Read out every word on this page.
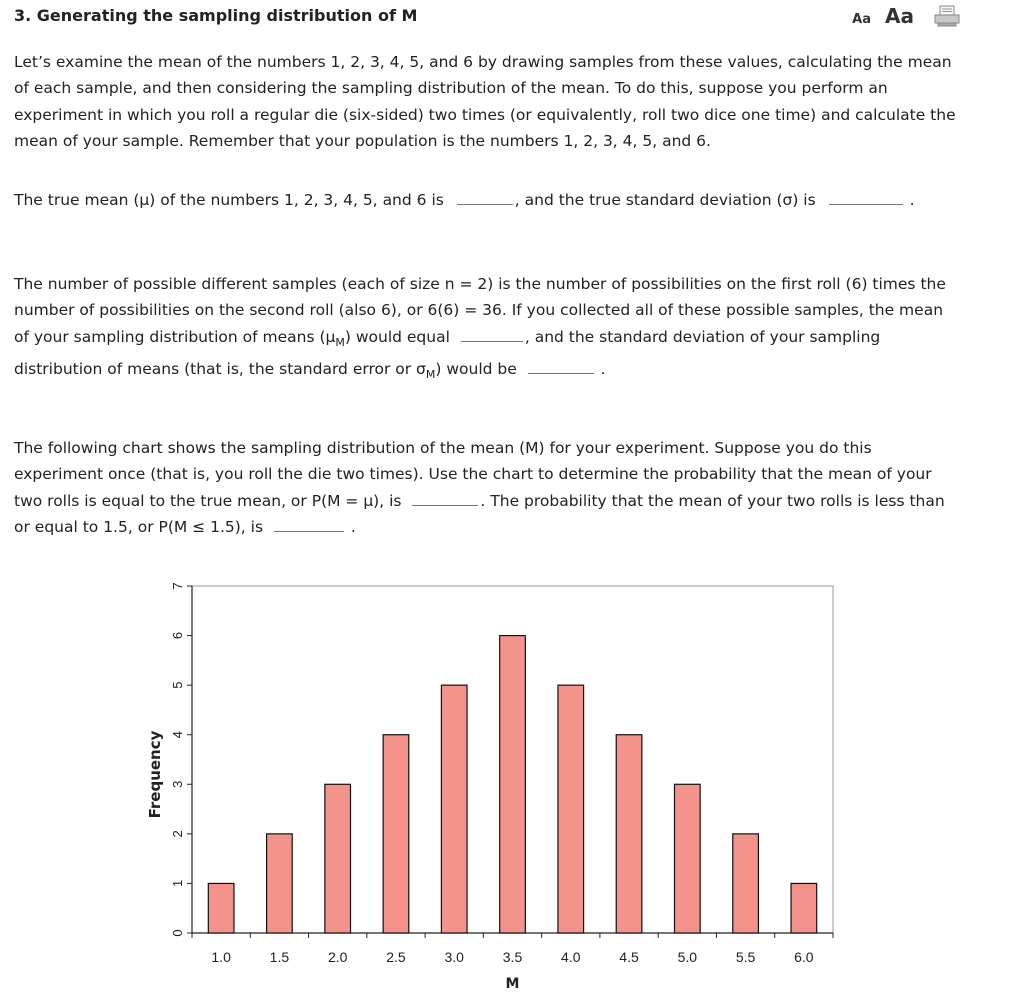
3. Generating the sampling distribution of M	Aa Aa
Let’s examine the mean of the numbers 1, 2, 3, 4, 5, and 6 by drawing samples from these values, calculating the mean of each sample, and then considering the sampling distribution of the mean. To do this, suppose you perform an experiment in which you roll a regular die (six-sided) two times (or equivalently, roll two dice one time) and calculate the mean of your sample. Remember that your population is the numbers 1, 2, 3, 4, 5, and 6.
The true mean (μ) of the numbers 1, 2, 3, 4, 5, and 6 is	, and the true standard deviation (σ) is	.
The number of possible different samples (each of size n = 2) is the number of possibilities on the first roll (6) times the number of possibilities on the second roll (also 6), or 6(6) = 36. If you collected all of these possible samples, the mean of your sampling distribution of means $(\mu_M)$ would equal	, and the standard deviation of your sampling distribution of means (that is, the standard error or $\sigma_M$) would be	.
The following chart shows the sampling distribution of the mean (M) for your experiment. Suppose you do this experiment once (that is, you roll the die two times). Use the chart to determine the probability that the mean of your two rolls is equal to the true mean, or P(M = μ), is	. The probability that the mean of your two rolls is less than or equal to 1.5, or P(M ≤ 1.5), is	.
0
1
2
3
4
5
6
7
1.0	1.5	2.0	2.5	3.0	3.5	4.0	4.5	5.0	5.5	6.0
M
Frequency
